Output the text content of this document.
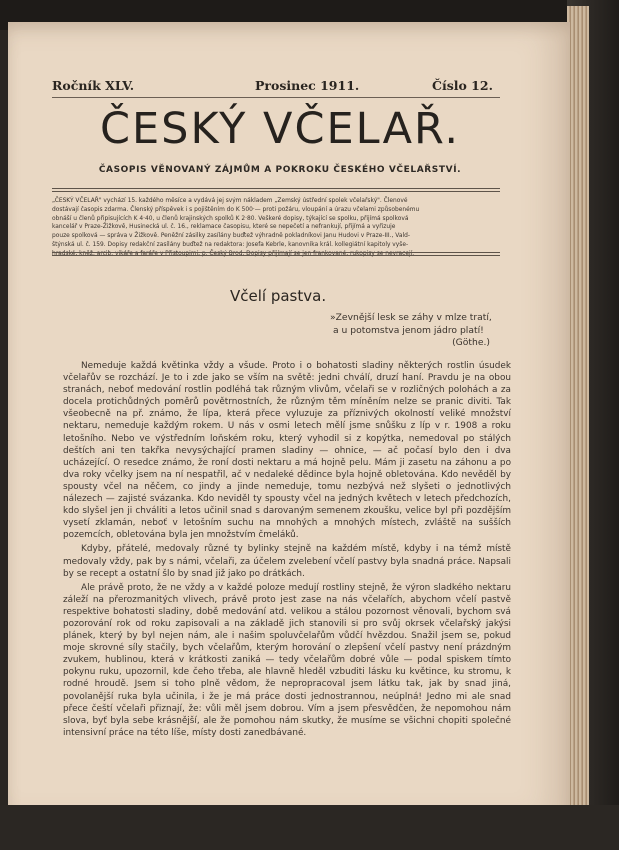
Ročník XLV.	Prosinec 1911.	Číslo 12.
ČESKÝ VČELAŘ.
ČASOPIS VĚNOVANÝ ZÁJMŮM A POKROKU ČESKÉHO VČELAŘSTVÍ.

„ČESKÝ VČELAŘ" vychází 15. každého měsíce a vydává jej svým nákladem „Zemský ústřední spolek včelařský". Členové

dostávají časopis zdarma. Členský příspěvek i s pojištěním do K 500·— proti požáru, vloupání a úrazu včelami způsobenému

obnáší u členů připisujících K 4·40, u členů krajinských spolků K 2·80. Veškeré dopisy, týkající se spolku, přijímá spolková

kancelář v Praze-Žižkově, Husinecká ul. č. 16., reklamace časopisu, které se nepečetí a nefrankují, přijímá a vyřizuje

pouze spolková — správa v Žižkově. Peněžní zásilky zasílány buďtež výhradně pokladníkovi Janu Hudovi v Praze-III., Vald-

štýnská ul. č. 159. Dopisy redakční zasílány buďtež na redaktora: Josefa Kebrle, kanovníka král. kollegiátní kapitoly vyše-

hradské, kněž. arcib. vikáře a faráře v Přistoupimi, p. Český Brod. Dopisy přijímají se jen frankované, rukopisy se nevracejí.

Včelí pastva.
»Zevnější lesk se záhy v mlze tratí,
a u potomstva jenom jádro platí!
(Göthe.)

Nemeduje každá květinka vždy a všude. Proto i o bohatosti sladiny některých rostlin úsudek včelařův se rozchází. Je to i zde jako se vším na světě: jedni chválí, druzí haní. Pravdu je na obou stranách, neboť medování rostlin podléhá tak různým vlivům, včelaři se v rozličných polohách a za docela protichůdných poměrů povětrnostních, že různým těm míněním nelze se praniс diviti. Tak všeobecně na př. známo, že lípa, která přece vyluzuje za příznivých okolností veliké množství nektaru, nemeduje každým rokem. U nás v osmi letech mělí jsme snůšku z líp v r. 1908 a roku letošního. Nebo ve výstředním loňském roku, který vyhodil si z kopýtka, nemedoval po stálých deštích ani ten takřka nevysýchající pramen sladiny — ohnice, — ač počasí bylo den i dva ucházející. O resedce známo, že roní dosti nektaru a má hojně pelu. Mám ji zasetu na záhonu a po dva roky včelky jsem na ní nespatřil, ač v nedaleké dědince byla hojně obletována. Kdo nevěděl by spousty včel na něčem, co jindy a jinde nemeduje, tomu nezbývá než slyšeti o jednotlivých nálezech — zajisté svázanka. Kdo neviděl ty spousty včel na jedných květech v letech předchozích, kdo slyšel jen ji chváliti a letos učinil snad s darovaným semenem zkoušku, velice byl při pozdějším vysetí zklamán, neboť v letošním suchu na mnohých a mnohých místech, zvláště na sušších pozemcích, obletována byla jen množstvím čmeláků.

Kdyby, přátelé, medovaly různé ty bylinky stejně na každém místě, kdyby i na témž místě medovaly vždy, pak by s námi, včelaři, za účelem zvelebení včelí pastvy byla snadná práce. Napsali by se recept a ostatní šlo by snad již jako po drátkách.

Ale právě proto, že ne vždy a v každé poloze medují rostliny stejně, že výron sladkého nektaru záleží na přerozmanitých vlivech, právě proto jest zase na nás včelařích, abychom včelí pastvě respektive bohatosti sladiny, době medování atd. velikou a stálou pozornost věnovali, bychom svá pozorování rok od roku zapisovali a na základě jich stanovili si pro svůj okrsek včelařský jakýsi plánek, který by byl nejen nám, ale i našim spoluvčelařům vůdčí hvězdou. Snažil jsem se, pokud moje skrovné síly stačily, bych včelařům, kterým horování o zlepšení včelí pastvy není prázdným zvukem, hublinou, která v krátkosti zaniká — tedy včelařům dobré vůle — podal spiskem tímto pokynu ruku, upozornil, kde čeho třeba, ale hlavně hleděl vzbuditi lásku ku květince, ku stromu, k rodné hroudě. Jsem si toho plně vědom, že nepropracoval jsem látku tak, jak by snad jiná, povolanější ruka byla učinila, i že je má práce dosti jednostrannou, neúplná! Jedno mi ale snad přece čeští včelaři přiznají, že: vůli měl jsem dobrou. Vím a jsem přesvědčen, že nepomohou nám slova, byť byla sebe krásnější, ale že pomohou nám skutky, že musíme se všichni chopiti společné intensivní práce na této líše, místy dosti zanedbávané.
